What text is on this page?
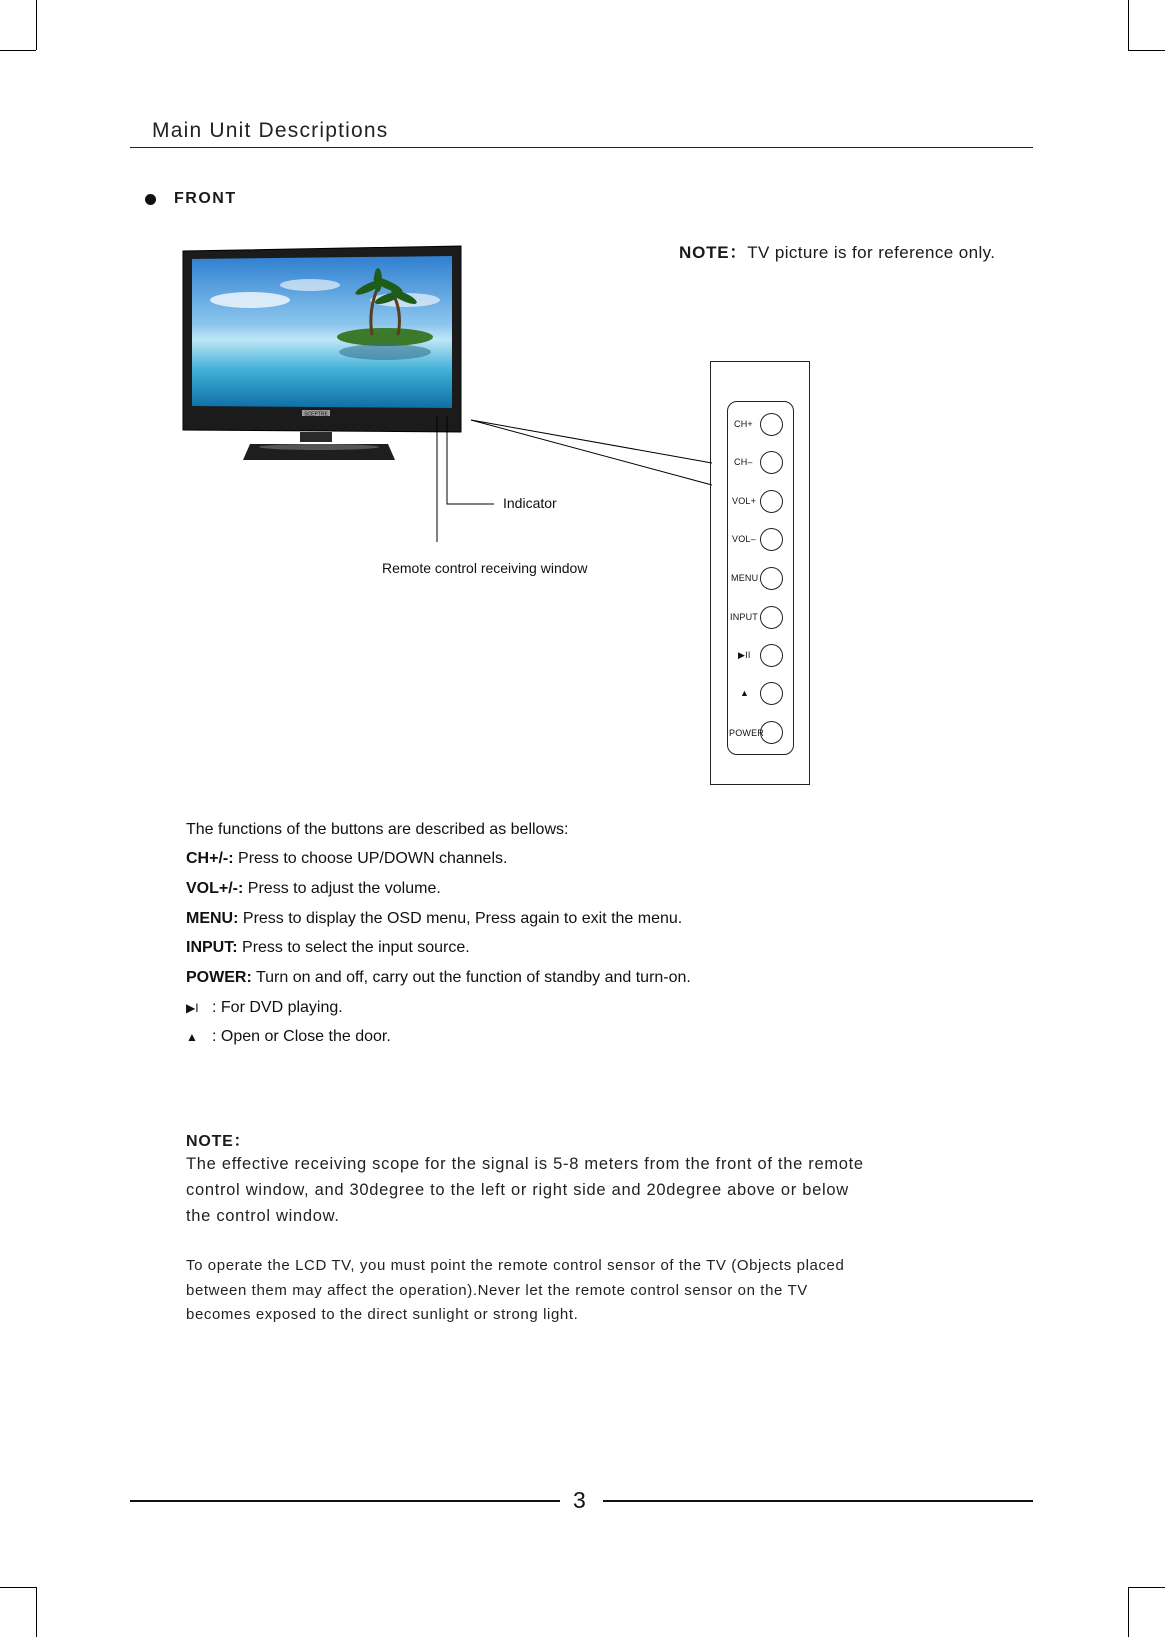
Main Unit Descriptions
FRONT
NOTE：TV picture is for reference only.
SCEPTRE
Indicator
Remote control receiving window
CH+
CH–
VOL+
VOL–
MENU
INPUT
▶II
▲
POWER
The functions of the buttons are described as bellows:
CH+/-: Press to choose UP/DOWN channels.
VOL+/-: Press to adjust the volume.
MENU: Press to display the OSD menu, Press again to exit the menu.
INPUT: Press to select the input source.
POWER: Turn on and off, carry out the function of standby and turn-on.
▶I : For DVD playing.
▲ : Open or Close the door.
NOTE：
The effective receiving scope for the signal is 5-8 meters from the front of the remote control window, and 30degree to the left or right side and 20degree above or below the control window.
To operate the LCD TV, you must point the remote control sensor of the TV (Objects placed between them may affect the operation).Never let the remote control sensor on the TV becomes exposed to the direct sunlight or strong light.
3
